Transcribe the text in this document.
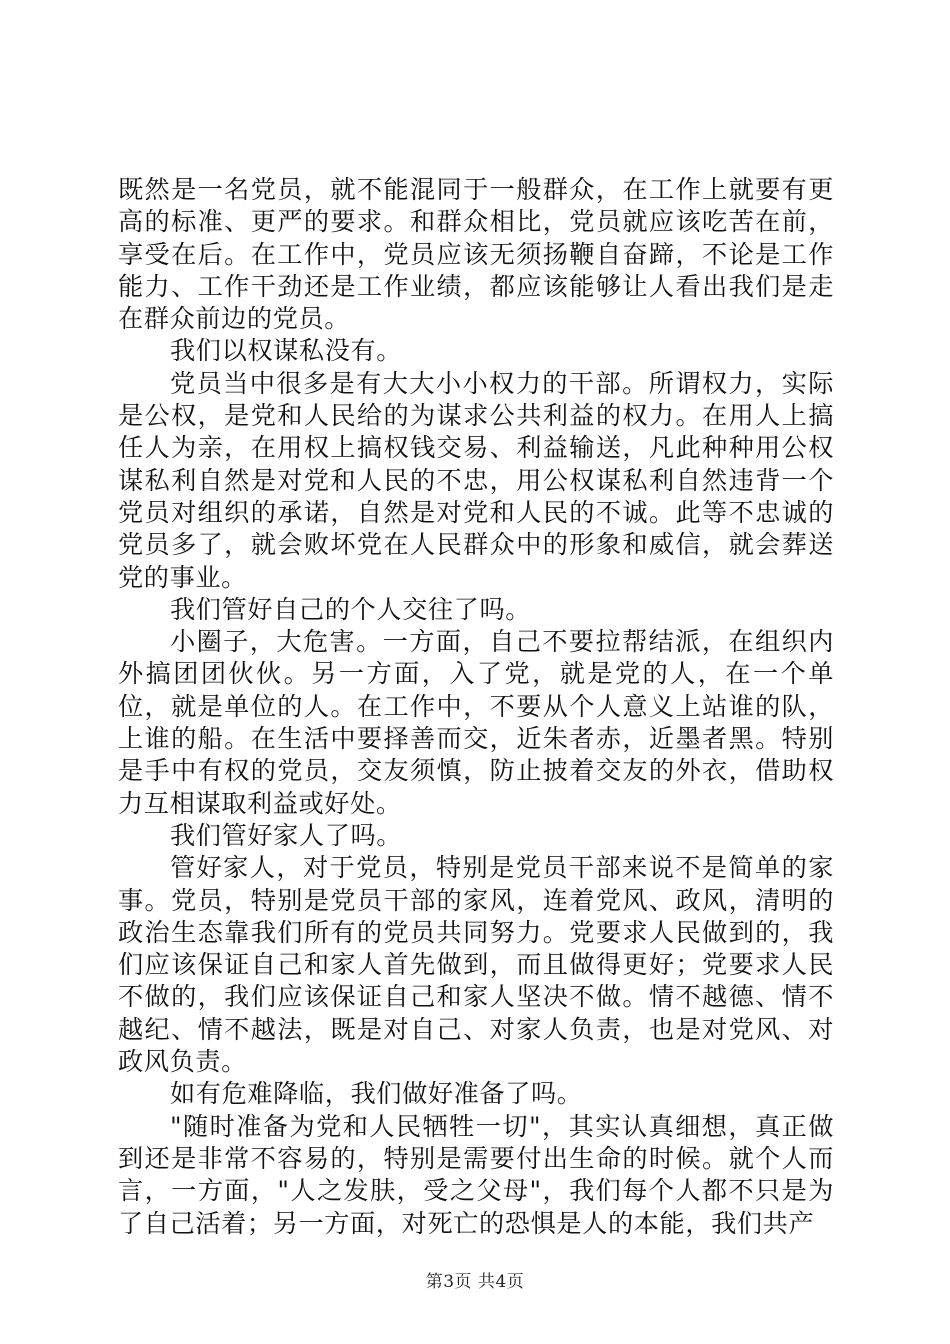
既然是一名党员，就不能混同于一般群众，在工作上就要有更高的标准、更严的要求。和群众相比，党员就应该吃苦在前，享受在后。在工作中，党员应该无须扬鞭自奋蹄，不论是工作能力、工作干劲还是工作业绩，都应该能够让人看出我们是走在群众前边的党员。

我们以权谋私没有。

党员当中很多是有大大小小权力的干部。所谓权力，实际是公权，是党和人民给的为谋求公共利益的权力。在用人上搞任人为亲，在用权上搞权钱交易、利益输送，凡此种种用公权谋私利自然是对党和人民的不忠，用公权谋私利自然违背一个党员对组织的承诺，自然是对党和人民的不诚。此等不忠诚的党员多了，就会败坏党在人民群众中的形象和威信，就会葬送党的事业。

我们管好自己的个人交往了吗。

小圈子，大危害。一方面，自己不要拉帮结派，在组织内外搞团团伙伙。另一方面，入了党，就是党的人，在一个单位，就是单位的人。在工作中，不要从个人意义上站谁的队，上谁的船。在生活中要择善而交，近朱者赤，近墨者黑。特别是手中有权的党员，交友须慎，防止披着交友的外衣，借助权力互相谋取利益或好处。

我们管好家人了吗。

管好家人，对于党员，特别是党员干部来说不是简单的家事。党员，特别是党员干部的家风，连着党风、政风，清明的政治生态靠我们所有的党员共同努力。党要求人民做到的，我们应该保证自己和家人首先做到，而且做得更好；党要求人民不做的，我们应该保证自己和家人坚决不做。情不越德、情不越纪、情不越法，既是对自己、对家人负责，也是对党风、对政风负责。

如有危难降临，我们做好准备了吗。

"随时准备为党和人民牺牲一切"，其实认真细想，真正做到还是非常不容易的，特别是需要付出生命的时候。就个人而言，一方面，"人之发肤，受之父母"，我们每个人都不只是为了自己活着；另一方面，对死亡的恐惧是人的本能，我们共产

第3页 共4页
